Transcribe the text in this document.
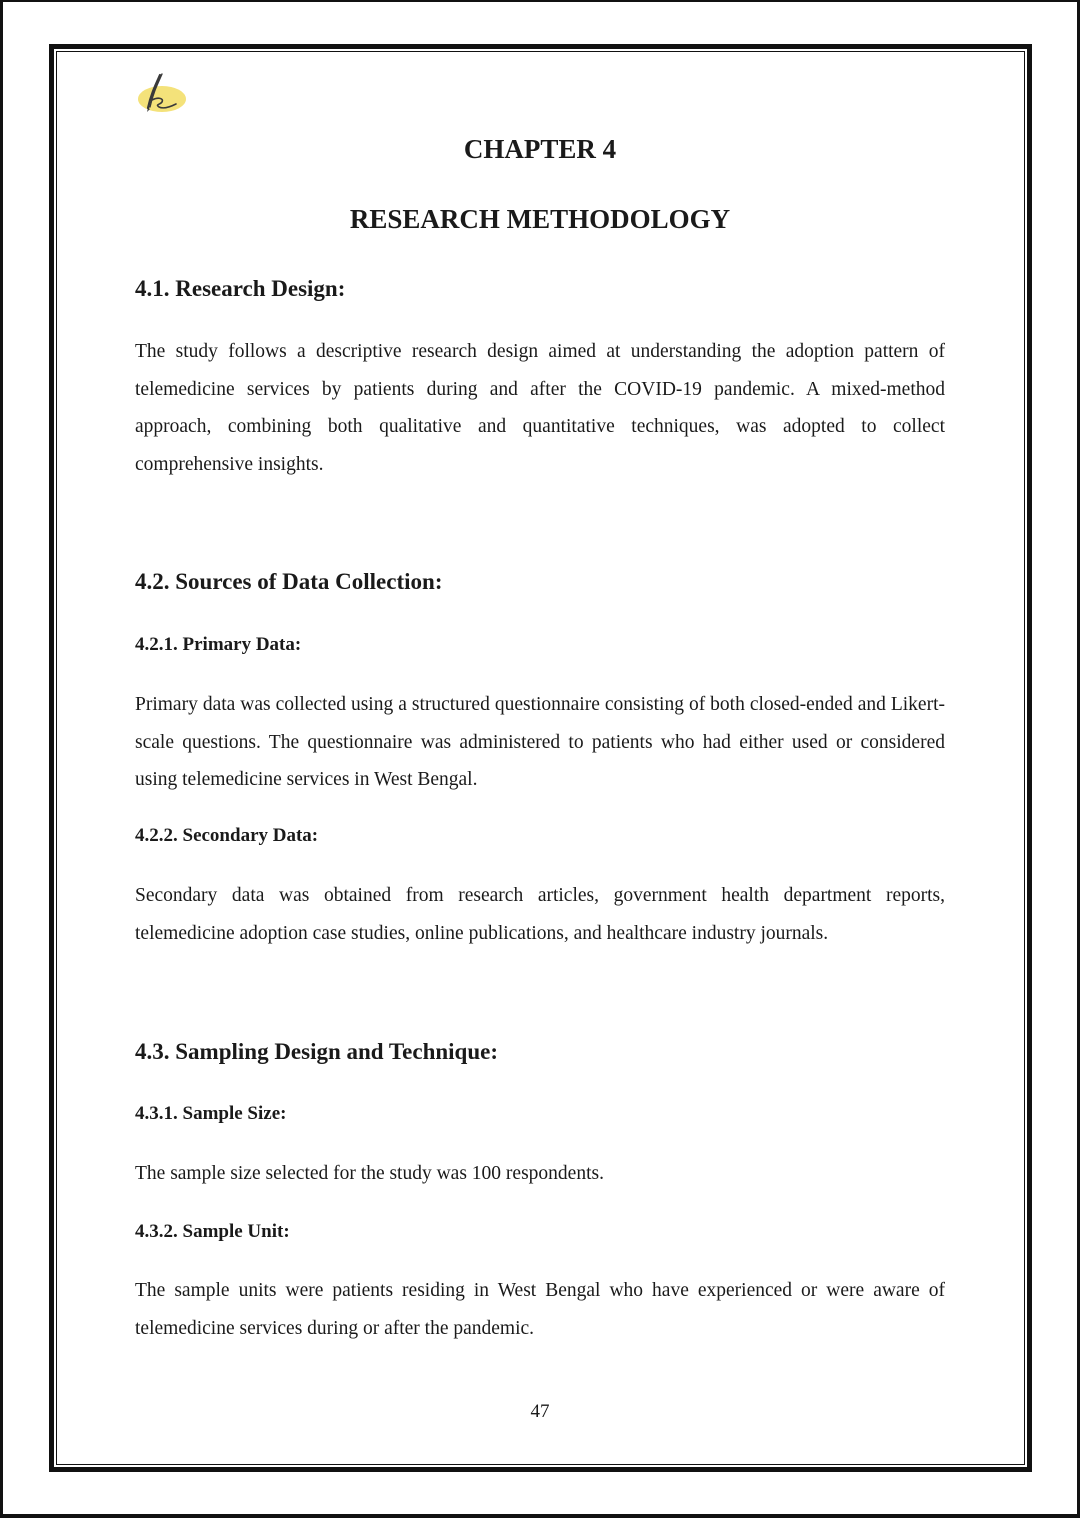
CHAPTER 4
RESEARCH METHODOLOGY
4.1. Research Design:

The study follows a descriptive research design aimed at understanding the adoption pattern of telemedicine services by patients during and after the COVID-19 pandemic. A mixed-method approach, combining both qualitative and quantitative techniques, was adopted to collect comprehensive insights.

4.2. Sources of Data Collection:
4.2.1. Primary Data:

Primary data was collected using a structured questionnaire consisting of both closed-ended and Likert-scale questions. The questionnaire was administered to patients who had either used or considered using telemedicine services in West Bengal.

4.2.2. Secondary Data:

Secondary data was obtained from research articles, government health department reports, telemedicine adoption case studies, online publications, and healthcare industry journals.

4.3. Sampling Design and Technique:
4.3.1. Sample Size:

The sample size selected for the study was 100 respondents.

4.3.2. Sample Unit:

The sample units were patients residing in West Bengal who have experienced or were aware of telemedicine services during or after the pandemic.

47
